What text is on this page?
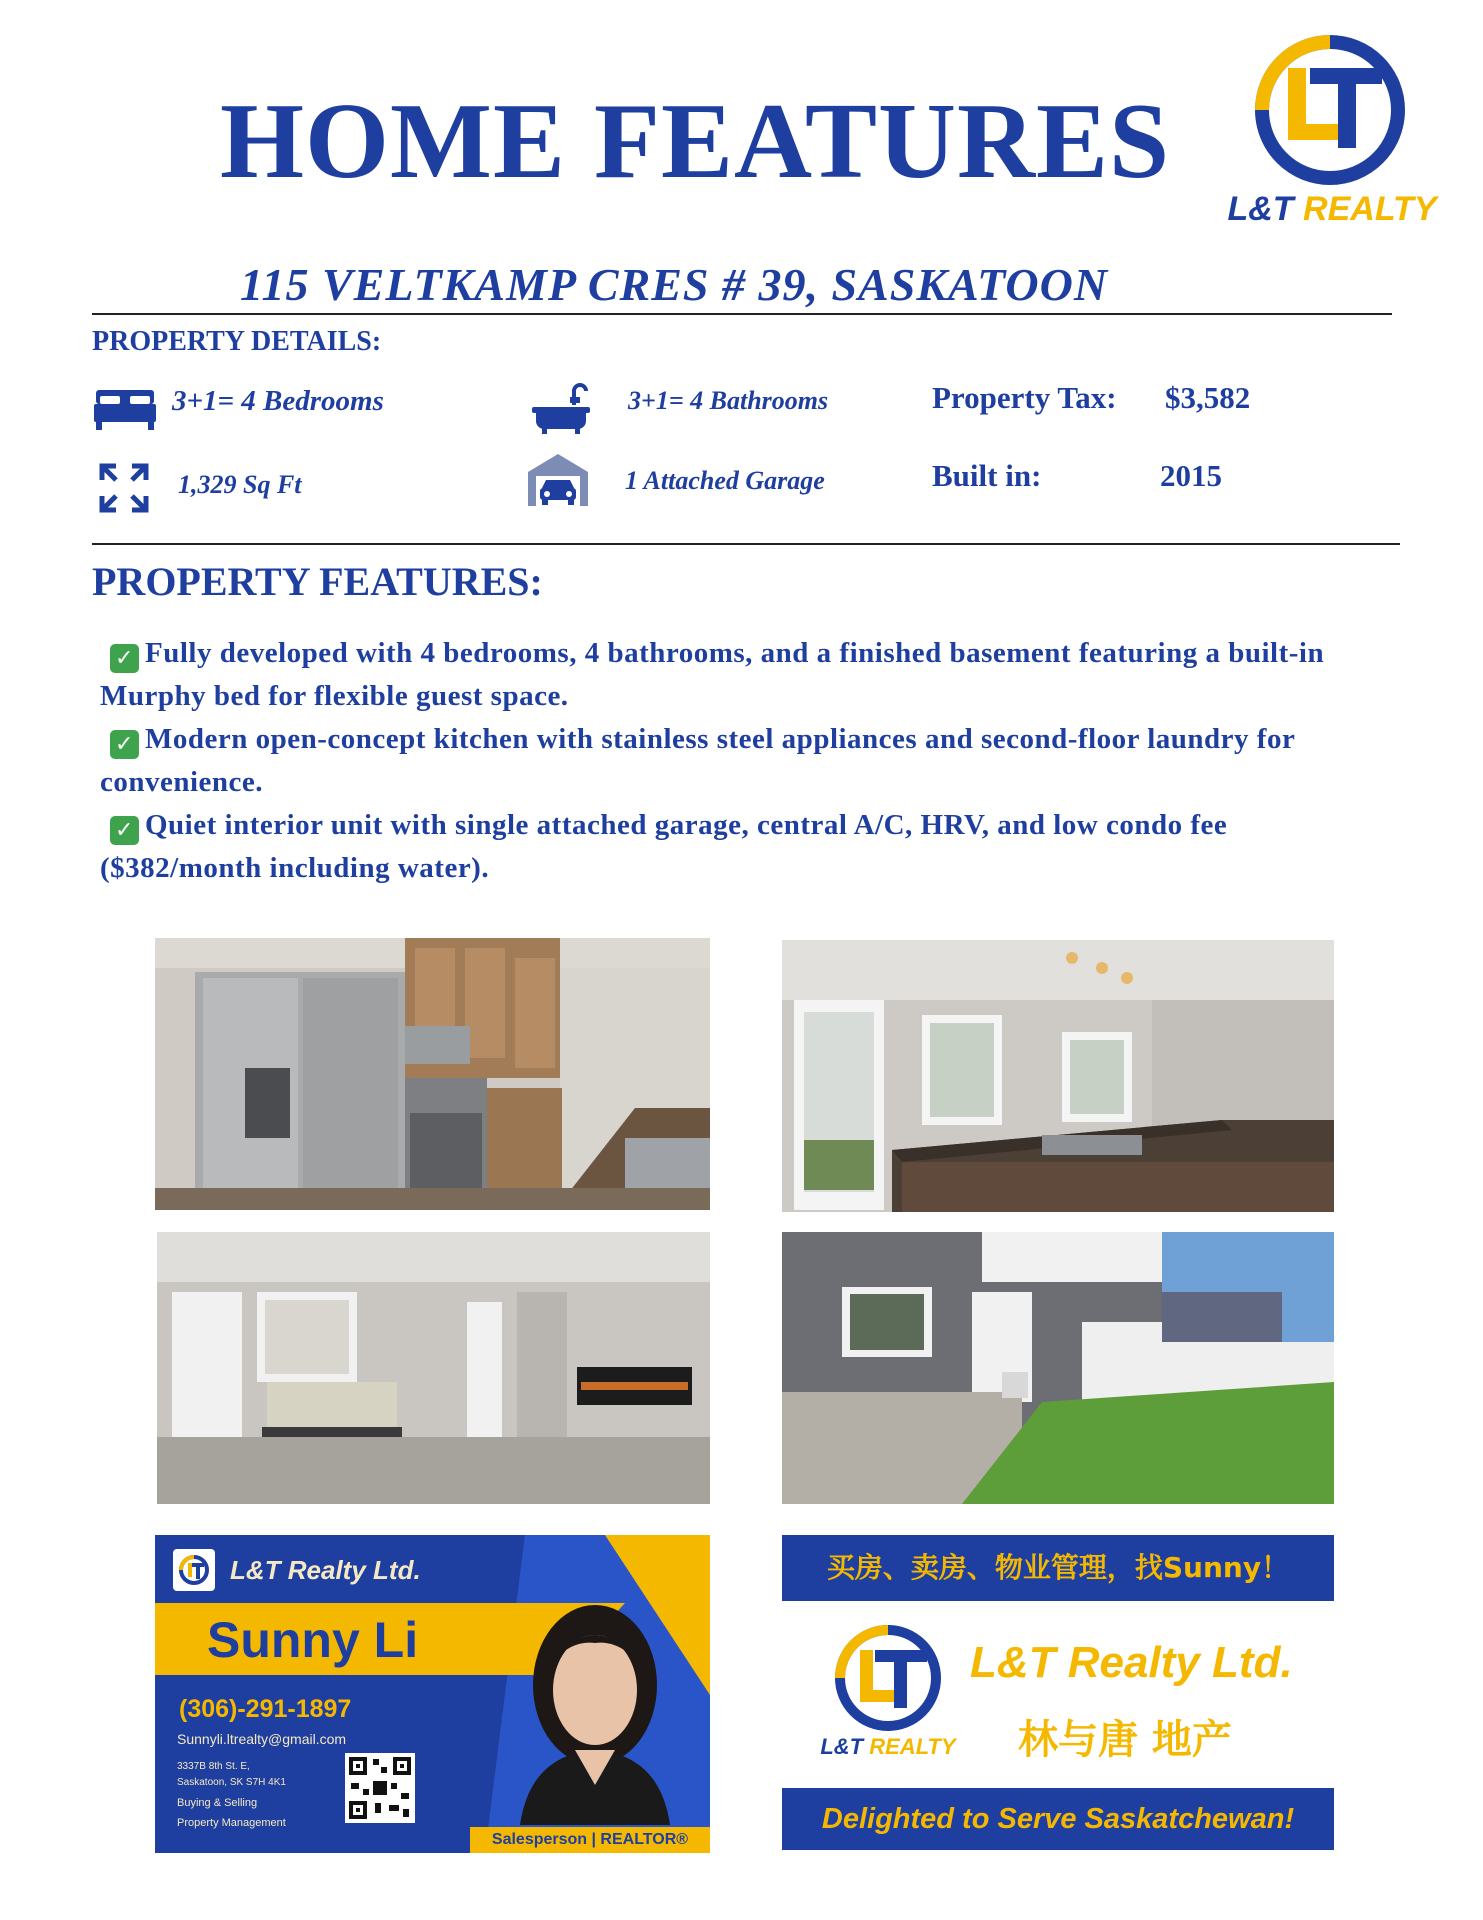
HOME FEATURES
L&T REALTY
115 VELTKAMP CRES # 39, SASKATOON
PROPERTY DETAILS:
3+1= 4 Bedrooms	3+1= 4 Bathrooms	Property Tax: $3,582
1,329 Sq Ft	1 Attached Garage	Built in:	2015
PROPERTY FEATURES:

✓ Fully developed with 4 bedrooms, 4 bathrooms, and a finished basement featuring a built-in Murphy bed for flexible guest space.

✓ Modern open-concept kitchen with stainless steel appliances and second-floor laundry for convenience.

✓ Quiet interior unit with single attached garage, central A/C, HRV, and low condo fee ($382/month including water).

L&T Realty Ltd.
Sunny Li
(306)-291-1897
Sunnyli.ltrealty@gmail.com
3337B 8th St. E,
Saskatoon, SK S7H 4K1
Buying & Selling
Property Management
Salesperson | REALTOR®
买房、卖房、物业管理，找Sunny！
L&T REALTY
L&T Realty Ltd.
林与唐 地产
Delighted to Serve Saskatchewan!
